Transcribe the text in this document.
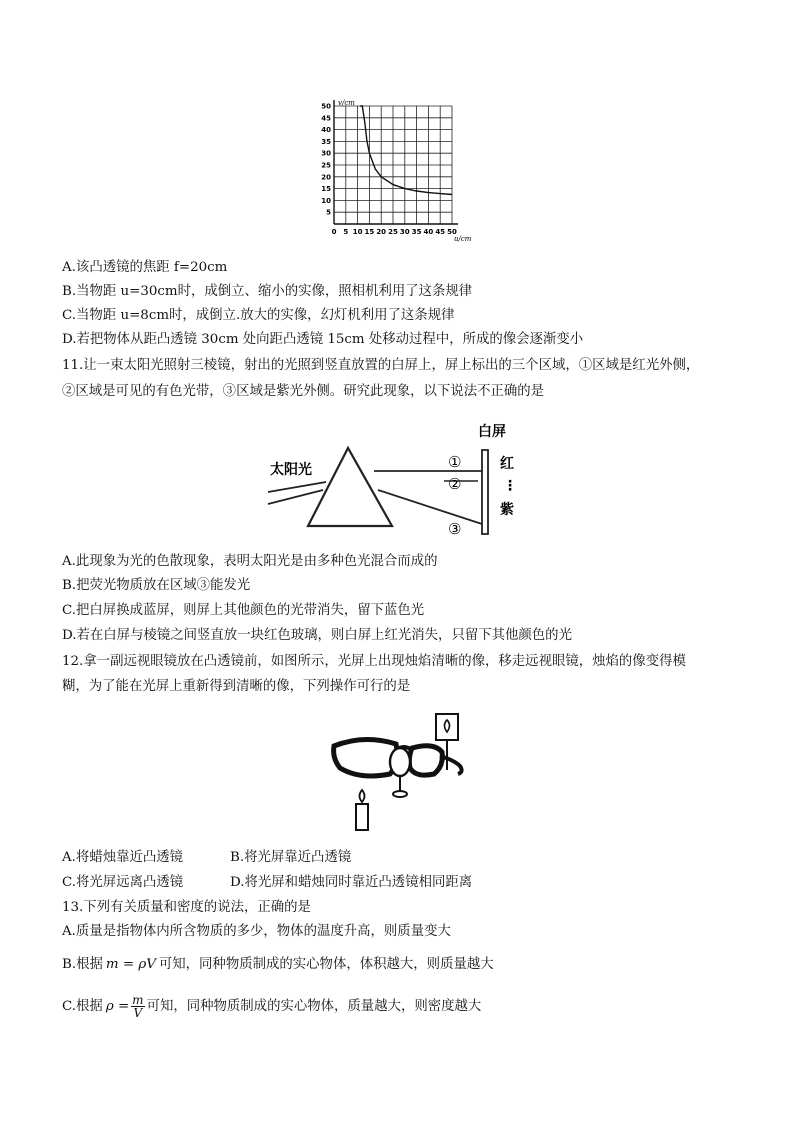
0 5 10 15 20 25 30 35 40 45 50
5
10
15
20
25
30
35
40
45
50 v/cm
u/cm
A.该凸透镜的焦距 f=20cm
B.当物距 u=30cm时，成倒立、缩小的实像，照相机利用了这条规律
C.当物距 u=8cm时，成倒立.放大的实像，幻灯机利用了这条规律
D.若把物体从距凸透镜 30cm 处向距凸透镜 15cm 处移动过程中，所成的像会逐渐变小
11.让一束太阳光照射三棱镜，射出的光照到竖直放置的白屏上，屏上标出的三个区域，①区域是红光外侧，
②区域是可见的有色光带，③区域是紫光外侧。研究此现象，以下说法不正确的是
①
②
③
太阳光
白屏
红
⋮
紫
A.此现象为光的色散现象，表明太阳光是由多种色光混合而成的
B.把荧光物质放在区域③能发光
C.把白屏换成蓝屏，则屏上其他颜色的光带消失，留下蓝色光
D.若在白屏与棱镜之间竖直放一块红色玻璃，则白屏上红光消失，只留下其他颜色的光
12.拿一副远视眼镜放在凸透镜前，如图所示，光屏上出现烛焰清晰的像，移走远视眼镜，烛焰的像变得模
糊，为了能在光屏上重新得到清晰的像，下列操作可行的是
A.将蜡烛靠近凸透镜	B.将光屏靠近凸透镜
C.将光屏远离凸透镜	D.将光屏和蜡烛同时靠近凸透镜相同距离
13.下列有关质量和密度的说法，正确的是
A.质量是指物体内所含物质的多少，物体的温度升高，则质量变大
B.根据 m = ρV 可知，同种物质制成的实心物体，体积越大，则质量越大
C.根据 $\rho = \frac{m}{V}$ 可知，同种物质制成的实心物体，质量越大，则密度越大
